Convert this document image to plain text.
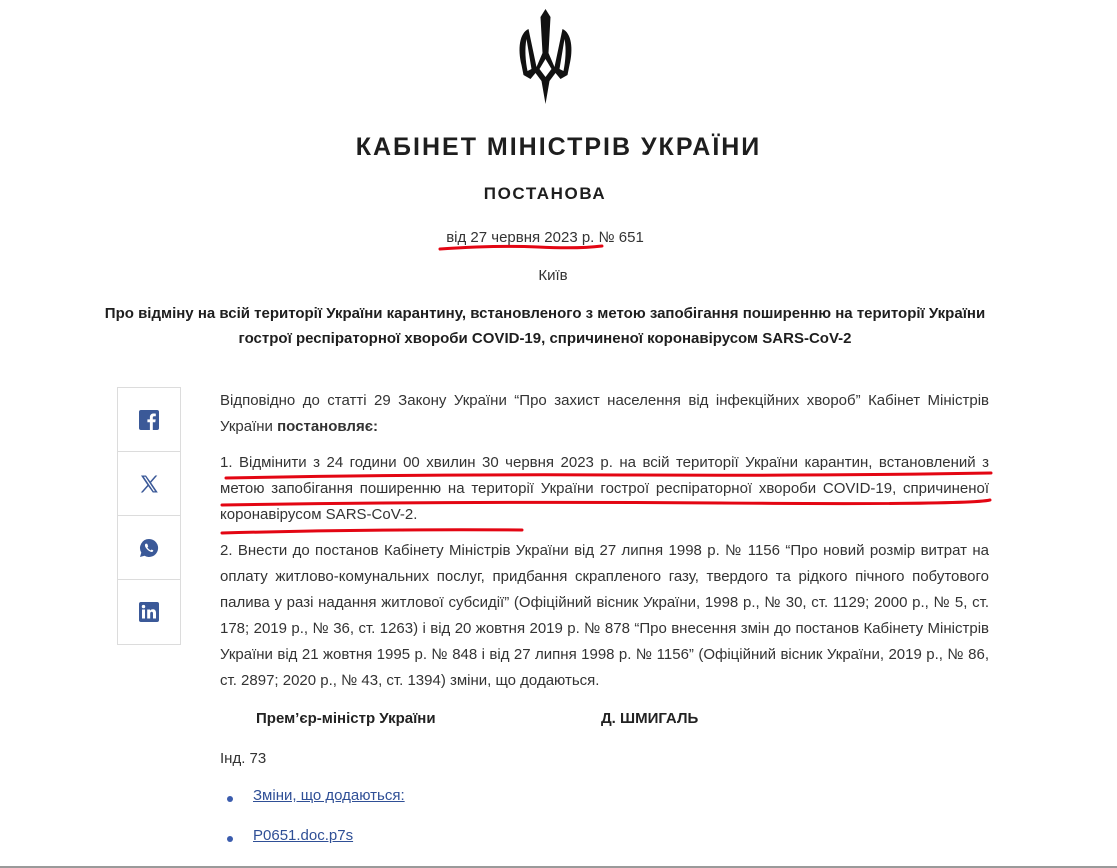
КАБІНЕТ МІНІСТРІВ УКРАЇНИ
ПОСТАНОВА
від 27 червня 2023 р. № 651
Київ
Про відміну на всій території України карантину, встановленого з метою запобігання поширенню на території України гострої респіраторної хвороби COVID-19, спричиненої коронавірусом SARS-CoV-2

Відповідно до статті 29 Закону України “Про захист населення від інфекційних хвороб” Кабінет Міністрів України постановляє:

1. Відмінити з 24 години 00 хвилин 30 червня 2023 р. на всій території України карантин, встановлений з метою запобігання поширенню на території України гострої респіраторної хвороби COVID-19, спричиненої коронавірусом SARS-CoV-2.

2. Внести до постанов Кабінету Міністрів України від 27 липня 1998 р. № 1156 “Про новий розмір витрат на оплату житлово-комунальних послуг, придбання скрапленого газу, твердого та рідкого пічного побутового палива у разі надання житлової субсидії” (Офіційний вісник України, 1998 р., № 30, ст. 1129; 2000 р., № 5, ст. 178; 2019 р., № 36, ст. 1263) і від 20 жовтня 2019 р. № 878 “Про внесення змін до постанов Кабінету Міністрів України від 21 жовтня 1995 р. № 848 і від 27 липня 1998 р. № 1156” (Офіційний вісник України, 2019 р., № 86, ст. 2897; 2020 р., № 43, ст. 1394) зміни, що додаються.

Прем’єр-міністр України	Д. ШМИГАЛЬ
Інд. 73
Зміни, що додаються:
P0651.doc.p7s
